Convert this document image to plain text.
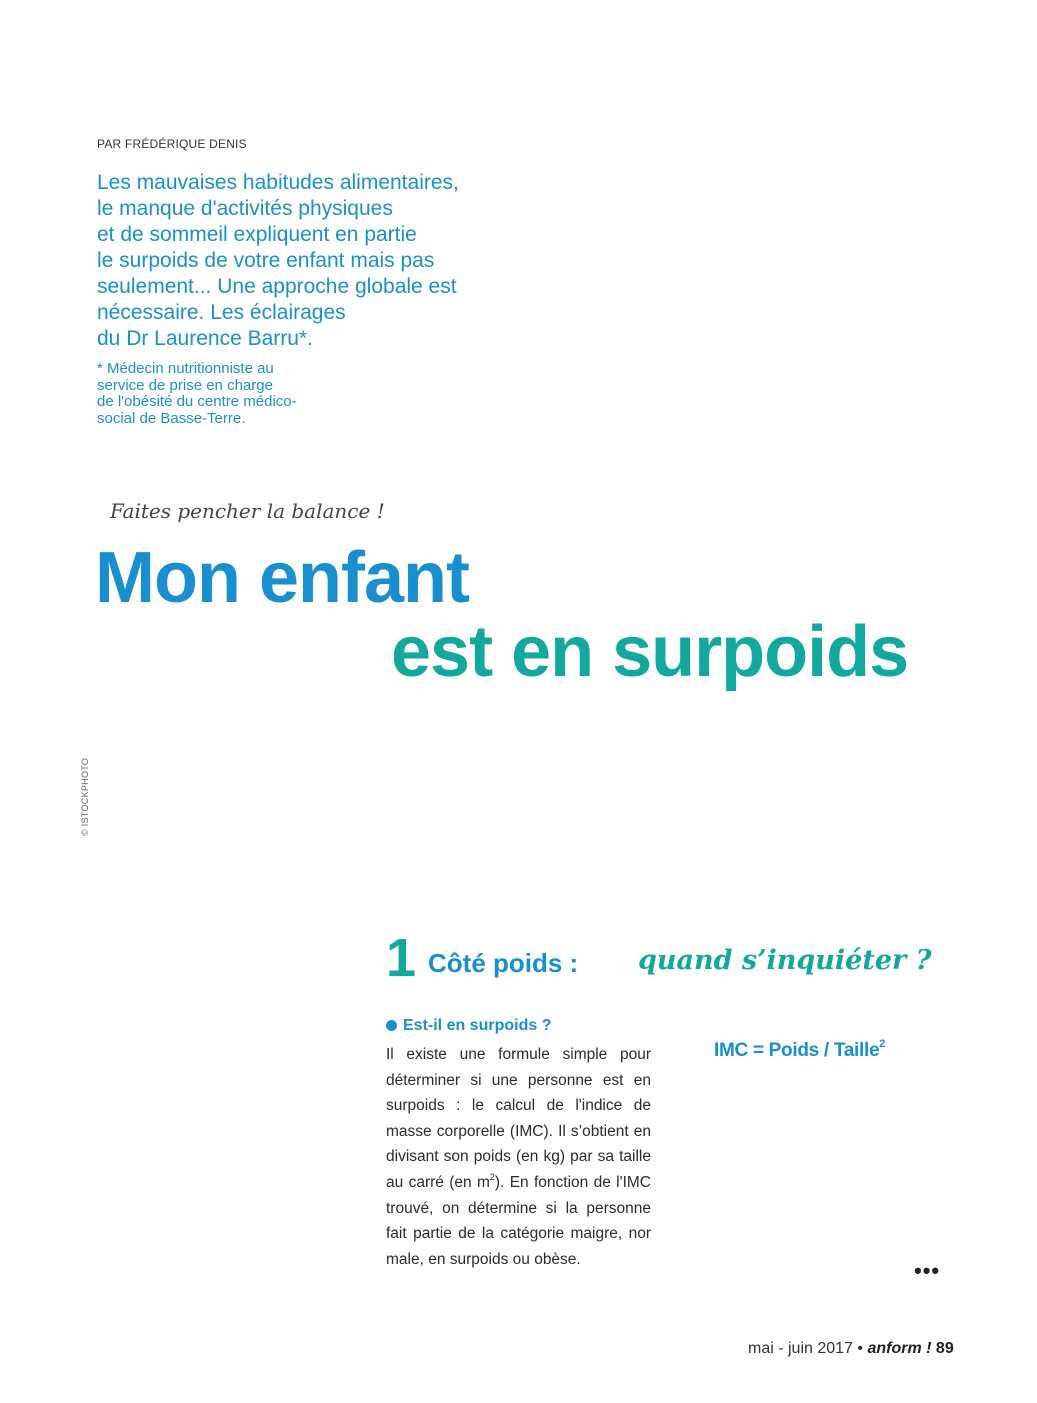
PAR FRÉDÉRIQUE DENIS
Les mauvaises habitudes alimentaires,
le manque d'activités physiques
et de sommeil expliquent en partie
le surpoids de votre enfant mais pas
seulement... Une approche globale est
nécessaire. Les éclairages
du Dr Laurence Barru*.
* Médecin nutritionniste au
service de prise en charge
de l'obésité du centre médico-
social de Basse-Terre.
Faites pencher la balance !
Mon enfant
est en surpoids
© ISTOCKPHOTO
1 Côté poids : quand s’inquiéter ?
Est-il en surpoids ?
Il existe une formule simple pour
déterminer si une personne est en
surpoids : le calcul de l'indice de
masse corporelle (IMC). Il s’obtient en
divisant son poids (en kg) par sa taille
au carré (en $m^2$). En fonction de l'IMC
trouvé, on détermine si la personne
fait partie de la catégorie maigre, nor
male, en surpoids ou obèse.
IMC = Poids / Taille$^2$
•••
mai - juin 2017 • anform ! 89
